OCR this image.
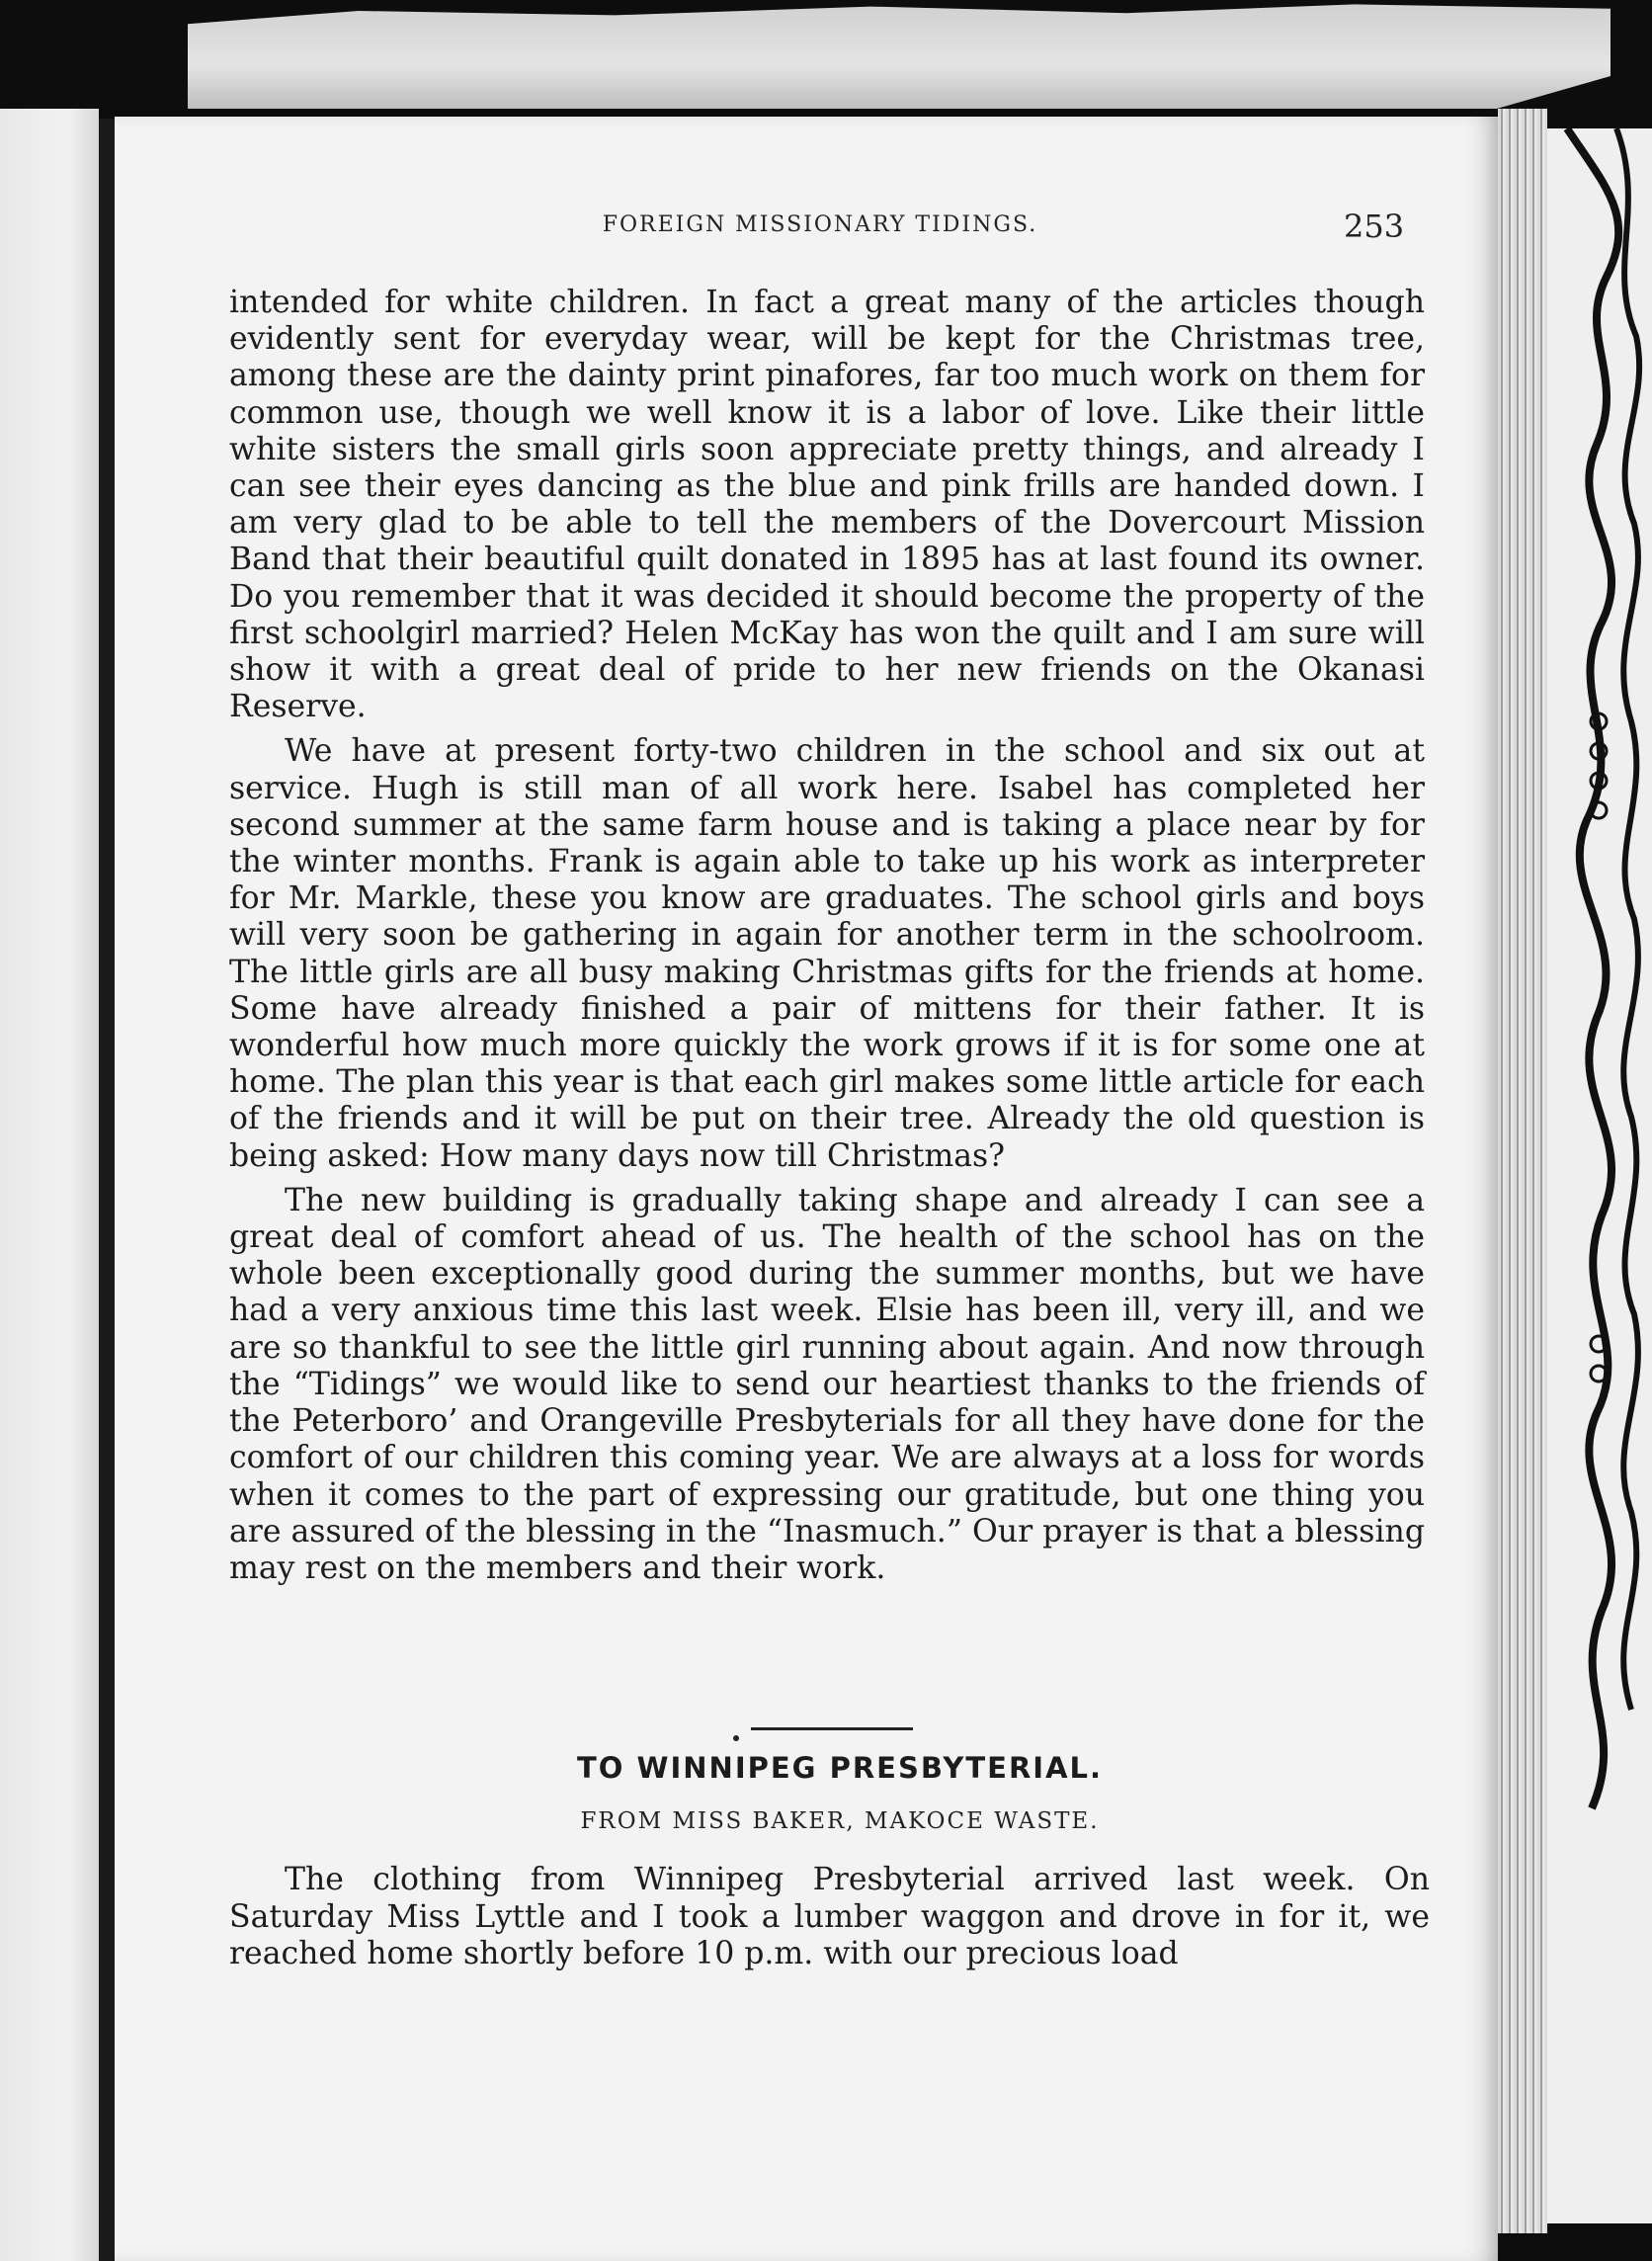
FOREIGN MISSIONARY TIDINGS.	253

intended for white children. In fact a great many of the articles though evidently sent for everyday wear, will be kept for the Christmas tree, among these are the dainty print pinafores, far too much work on them for common use, though we well know it is a labor of love. Like their little white sisters the small girls soon appreciate pretty things, and already I can see their eyes dancing as the blue and pink frills are handed down. I am very glad to be able to tell the members of the Dovercourt Mission Band that their beautiful quilt donated in 1895 has at last found its owner. Do you remember that it was decided it should become the property of the first schoolgirl married? Helen McKay has won the quilt and I am sure will show it with a great deal of pride to her new friends on the Okanasi Reserve.

We have at present forty-two children in the school and six out at service. Hugh is still man of all work here. Isabel has completed her second summer at the same farm house and is taking a place near by for the winter months. Frank is again able to take up his work as interpreter for Mr. Markle, these you know are graduates. The school girls and boys will very soon be gathering in again for another term in the schoolroom. The little girls are all busy making Christmas gifts for the friends at home. Some have already finished a pair of mittens for their father. It is wonderful how much more quickly the work grows if it is for some one at home. The plan this year is that each girl makes some little article for each of the friends and it will be put on their tree. Already the old question is being asked: How many days now till Christmas?

The new building is gradually taking shape and already I can see a great deal of comfort ahead of us. The health of the school has on the whole been exceptionally good during the summer months, but we have had a very anxious time this last week. Elsie has been ill, very ill, and we are so thankful to see the little girl running about again. And now through the “Tidings” we would like to send our heartiest thanks to the friends of the Peterboro’ and Orangeville Presbyterials for all they have done for the comfort of our children this coming year. We are always at a loss for words when it comes to the part of expressing our gratitude, but one thing you are assured of the blessing in the “Inasmuch.” Our prayer is that a blessing may rest on the members and their work.

TO WINNIPEG PRESBYTERIAL.
FROM MISS BAKER, MAKOCE WASTE.

The clothing from Winnipeg Presbyterial arrived last week. On Saturday Miss Lyttle and I took a lumber waggon and drove in for it, we reached home shortly before 10 p.m. with our precious load
